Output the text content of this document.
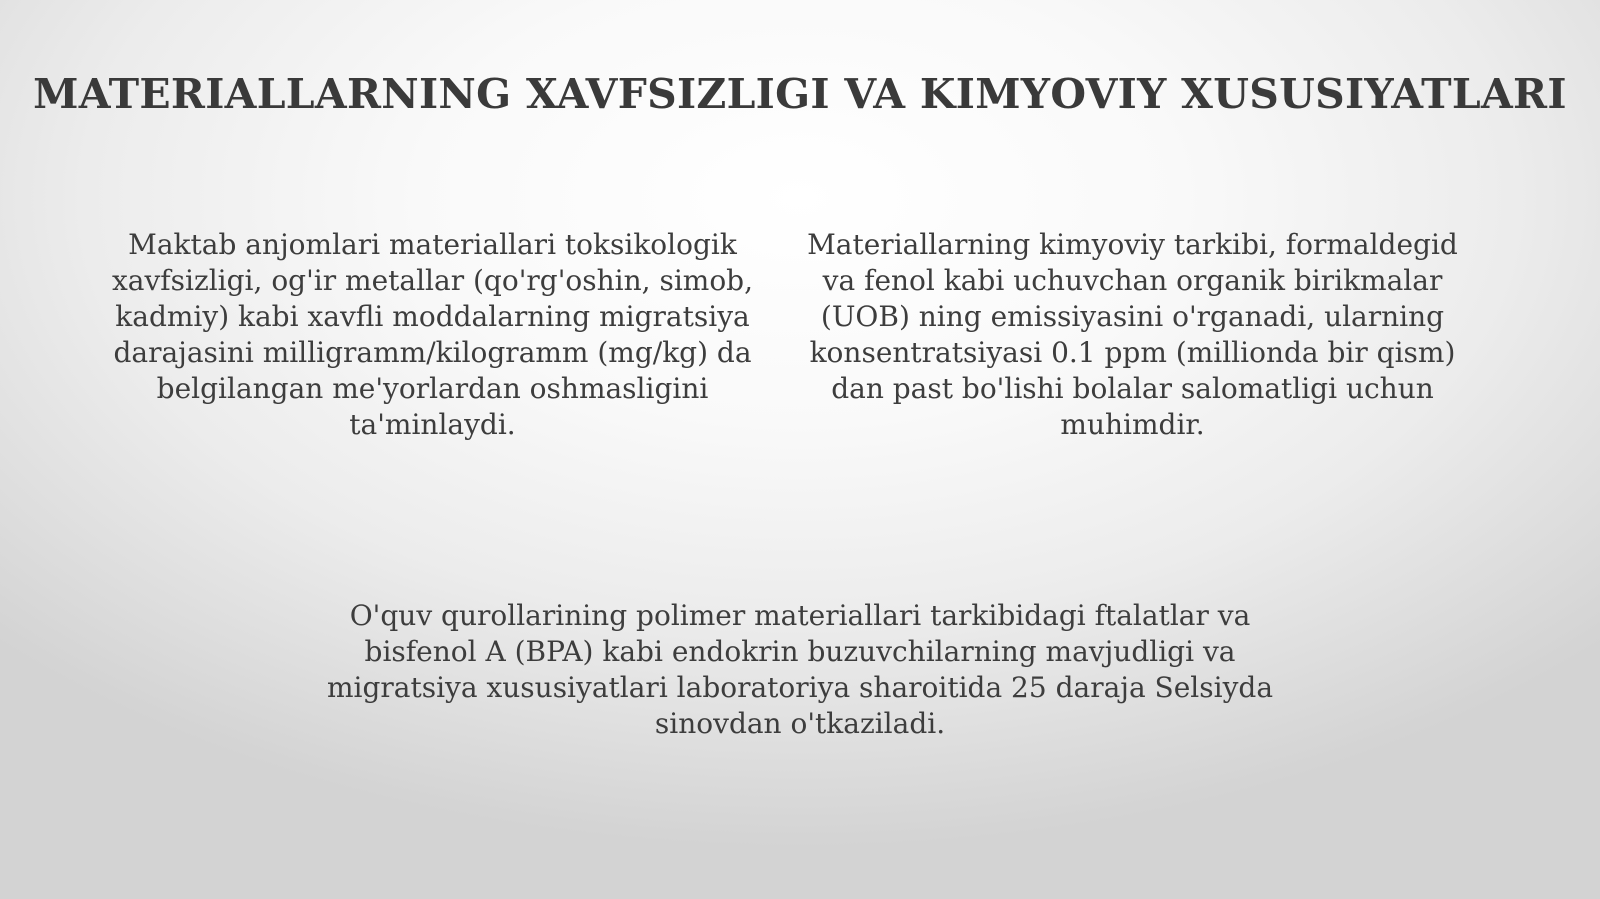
MATERIALLARNING XAVFSIZLIGI VA KIMYOVIY XUSUSIYATLARI
Maktab anjomlari materiallari toksikologik xavfsizligi, og'ir metallar (qo'rg'oshin, simob, kadmiy) kabi xavfli moddalarning migratsiya darajasini milligramm/kilogramm (mg/kg) da belgilangan me'yorlardan oshmasligini ta'minlaydi.
Materiallarning kimyoviy tarkibi, formaldegid va fenol kabi uchuvchan organik birikmalar (UOB) ning emissiyasini o'rganadi, ularning konsentratsiyasi 0.1 ppm (millionda bir qism) dan past bo'lishi bolalar salomatligi uchun muhimdir.
O'quv qurollarining polimer materiallari tarkibidagi ftalatlar va bisfenol A (BPA) kabi endokrin buzuvchilarning mavjudligi va migratsiya xususiyatlari laboratoriya sharoitida 25 daraja Selsiyda sinovdan o'tkaziladi.
